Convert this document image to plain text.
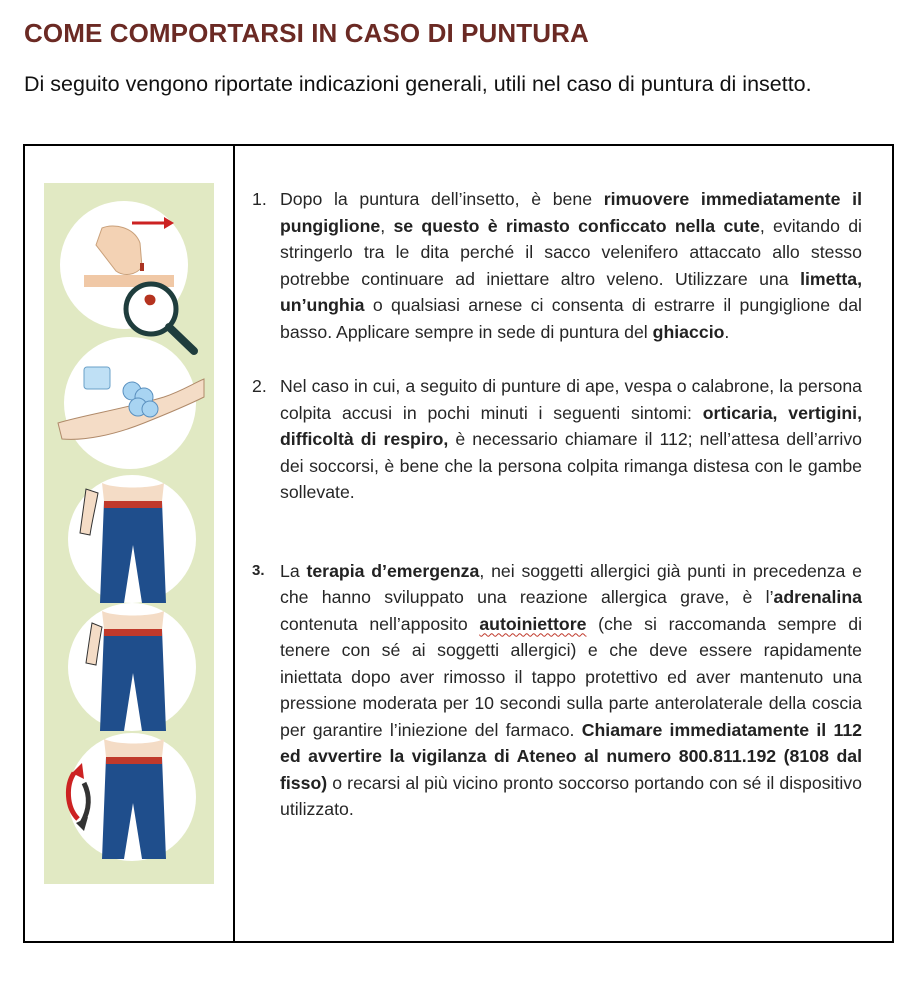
COME COMPORTARSI IN CASO DI PUNTURA
Di seguito vengono riportate indicazioni generali, utili nel caso di puntura di insetto.
1. Dopo la puntura dell’insetto, è bene rimuovere immediatamente il pungiglione, se questo è rimasto conficcato nella cute, evitando di stringerlo tra le dita perché il sacco velenifero attaccato allo stesso potrebbe continuare ad iniettare altro veleno. Utilizzare una limetta, un’unghia o qualsiasi arnese ci consenta di estrarre il pungiglione dal basso. Applicare sempre in sede di puntura del ghiaccio.
2. Nel caso in cui, a seguito di punture di ape, vespa o calabrone, la persona colpita accusi in pochi minuti i seguenti sintomi: orticaria, vertigini, difficoltà di respiro, è necessario chiamare il 112; nell’attesa dell’arrivo dei soccorsi, è bene che la persona colpita rimanga distesa con le gambe sollevate.
3. La terapia d’emergenza, nei soggetti allergici già punti in precedenza e che hanno sviluppato una reazione allergica grave, è l’adrenalina contenuta nell’apposito autoiniettore (che si raccomanda sempre di tenere con sé ai soggetti allergici) e che deve essere rapidamente iniettata dopo aver rimosso il tappo protettivo ed aver mantenuto una pressione moderata per 10 secondi sulla parte anterolaterale della coscia per garantire l’iniezione del farmaco. Chiamare immediatamente il 112 ed avvertire la vigilanza di Ateneo al numero 800.811.192 (8108 dal fisso) o recarsi al più vicino pronto soccorso portando con sé il dispositivo utilizzato.
